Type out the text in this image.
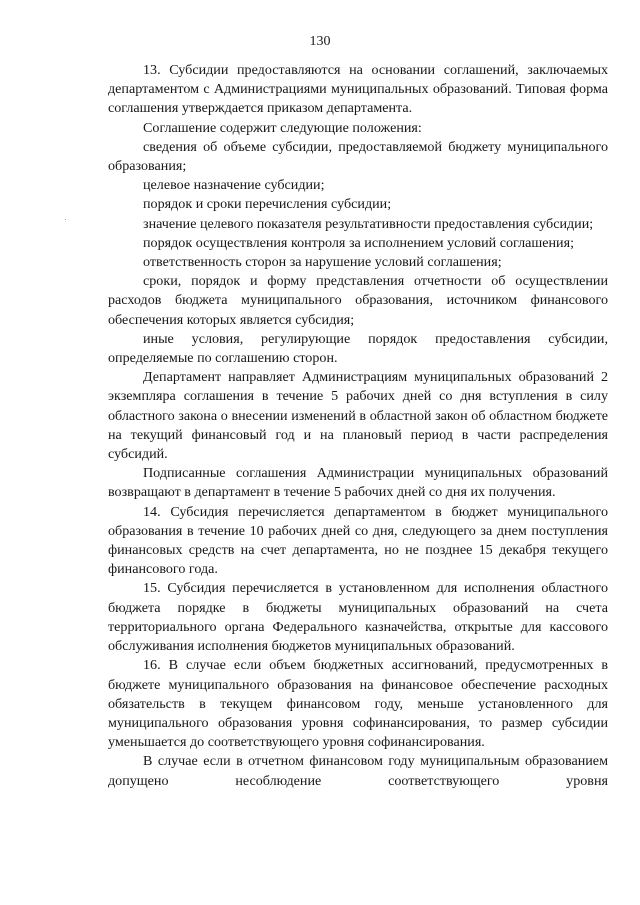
130

13. Субсидии предоставляются на основании соглашений, заключаемых департаментом с Администрациями муниципальных образований. Типовая форма соглашения утверждается приказом департамента.

Соглашение содержит следующие положения:

сведения об объеме субсидии, предоставляемой бюджету муниципального образования;

целевое назначение субсидии;

порядок и сроки перечисления субсидии;

значение целевого показателя результативности предоставления субсидии;

порядок осуществления контроля за исполнением условий соглашения;

ответственность сторон за нарушение условий соглашения;

сроки, порядок и форму представления отчетности об осуществлении расходов бюджета муниципального образования, источником финансового обеспечения которых является субсидия;

иные условия, регулирующие порядок предоставления субсидии, определяемые по соглашению сторон.

Департамент направляет Администрациям муниципальных образований 2 экземпляра соглашения в течение 5 рабочих дней со дня вступления в силу областного закона о внесении изменений в областной закон об областном бюджете на текущий финансовый год и на плановый период в части распределения субсидий.

Подписанные соглашения Администрации муниципальных образований возвращают в департамент в течение 5 рабочих дней со дня их получения.

14. Субсидия перечисляется департаментом в бюджет муниципального образования в течение 10 рабочих дней со дня, следующего за днем поступления финансовых средств на счет департамента, но не позднее 15 декабря текущего финансового года.

15. Субсидия перечисляется в установленном для исполнения областного бюджета порядке в бюджеты муниципальных образований на счета территориального органа Федерального казначейства, открытые для кассового обслуживания исполнения бюджетов муниципальных образований.

16. В случае если объем бюджетных ассигнований, предусмотренных в бюджете муниципального образования на финансовое обеспечение расходных обязательств в текущем финансовом году, меньше установленного для муниципального образования уровня софинансирования, то размер субсидии уменьшается до соответствующего уровня софинансирования.

В случае если в отчетном финансовом году муниципальным образованием допущено несоблюдение соответствующего уровня
